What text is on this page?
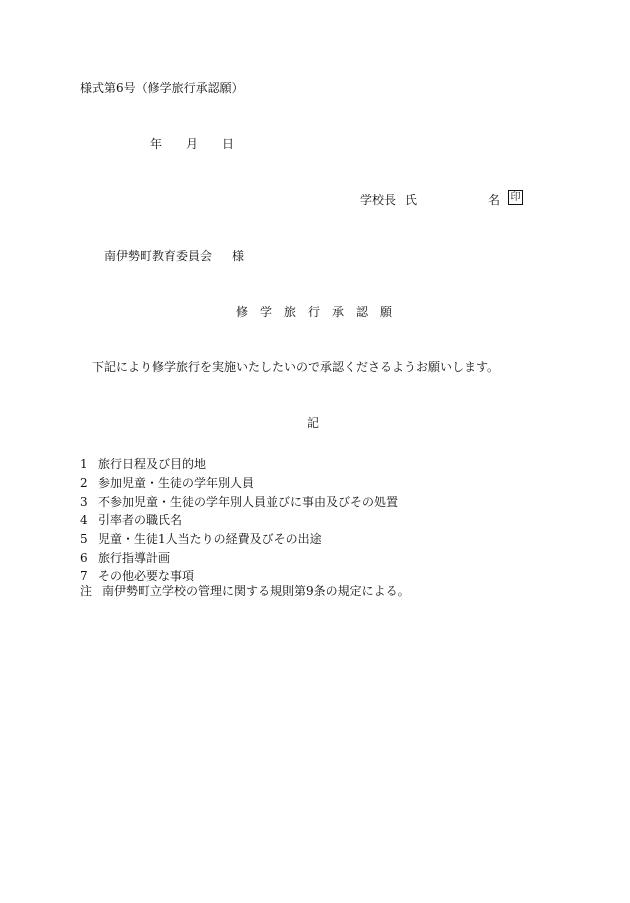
様式第6号（修学旅行承認願）
年 月 日
学校長 氏	名 印
南伊勢町教育委員会 様
修学旅行承認願
下記により修学旅行を実施いたしたいので承認くださるようお願いします。
記
1 旅行日程及び目的地
2 参加児童・生徒の学年別人員
3 不参加児童・生徒の学年別人員並びに事由及びその処置
4 引率者の職氏名
5 児童・生徒1人当たりの経費及びその出途
6 旅行指導計画
7 その他必要な事項
注 南伊勢町立学校の管理に関する規則第9条の規定による。
